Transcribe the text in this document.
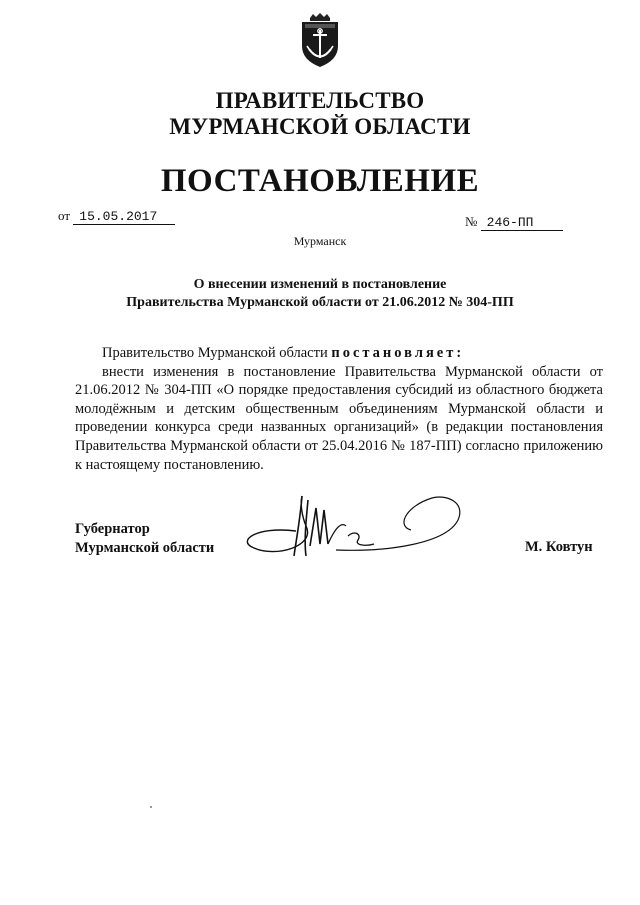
ПРАВИТЕЛЬСТВО
МУРМАНСКОЙ ОБЛАСТИ
ПОСТАНОВЛЕНИЕ
от 15.05.2017	№ 246-ПП
Мурманск
О внесении изменений в постановление
Правительства Мурманской области от 21.06.2012 № 304-ПП

Правительство Мурманской области постановляет:

внести изменения в постановление Правительства Мурманской области от 21.06.2012 № 304-ПП «О порядке предоставления субсидий из областного бюджета молодёжным и детским общественным объединениям Мурманской области и проведении конкурса среди названных организаций» (в редакции постановления Правительства Мурманской области от 25.04.2016 № 187-ПП) согласно приложению к настоящему постановлению.

Губернатор
Мурманской области	М. Ковтун
